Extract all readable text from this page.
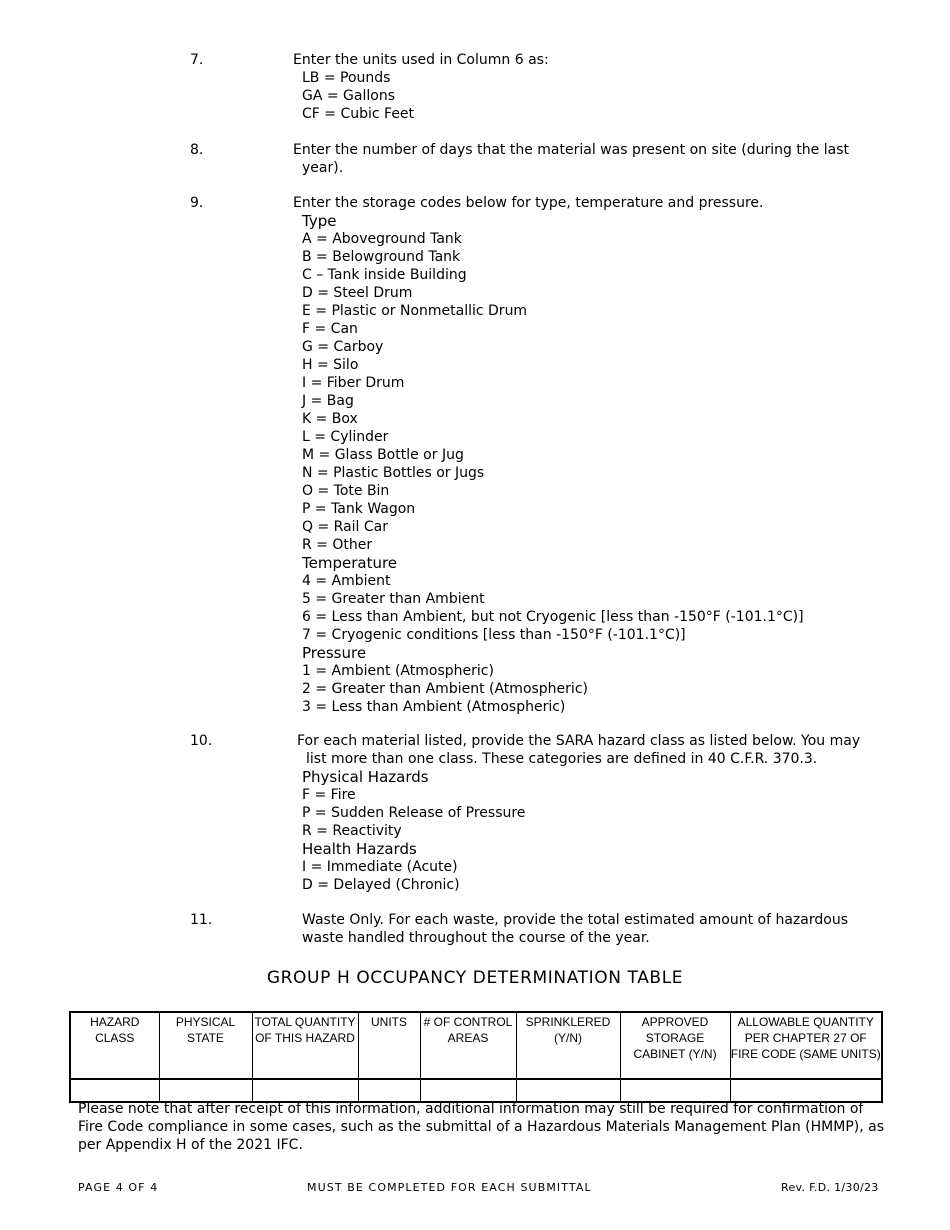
7.	Enter the units used in Column 6 as:

LB = Pounds
GA = Gallons
CF = Cubic Feet

8.	Enter the number of days that the material was present on site (during the last year).

9.	Enter the storage codes below for type, temperature and pressure.

Type
A = Aboveground Tank
B = Belowground Tank
C – Tank inside Building
D = Steel Drum
E = Plastic or Nonmetallic Drum
F = Can
G = Carboy
H = Silo
I = Fiber Drum
J = Bag
K = Box
L = Cylinder
M = Glass Bottle or Jug
N = Plastic Bottles or Jugs
O = Tote Bin
P = Tank Wagon
Q = Rail Car
R = Other
Temperature
4 = Ambient
5 = Greater than Ambient
6 = Less than Ambient, but not Cryogenic [less than -150°F (-101.1°C)]
7 = Cryogenic conditions [less than -150°F (-101.1°C)]
Pressure
1 = Ambient (Atmospheric)
2 = Greater than Ambient (Atmospheric)
3 = Less than Ambient (Atmospheric)

10.	For each material listed, provide the SARA hazard class as listed below. You may list more than one class. These categories are defined in 40 C.F.R. 370.3.

Physical Hazards
F = Fire
P = Sudden Release of Pressure
R = Reactivity
Health Hazards
I = Immediate (Acute)
D = Delayed (Chronic)

11.	Waste Only. For each waste, provide the total estimated amount of hazardous waste handled throughout the course of the year.

GROUP H OCCUPANCY DETERMINATION TABLE

HAZARD CLASS	PHYSICAL STATE	TOTAL QUANTITY OF THIS HAZARD	UNITS	# OF CONTROL AREAS	SPRINKLERED (Y/N)	APPROVED STORAGE CABINET (Y/N)	ALLOWABLE QUANTITY PER CHAPTER 27 OF FIRE CODE (SAME UNITS)

Please note that after receipt of this information, additional information may still be required for confirmation of Fire Code compliance in some cases, such as the submittal of a Hazardous Materials Management Plan (HMMP), as per Appendix H of the 2021 IFC.

PAGE 4 OF 4	MUST BE COMPLETED FOR EACH SUBMITTAL	Rev. F.D. 1/30/23
